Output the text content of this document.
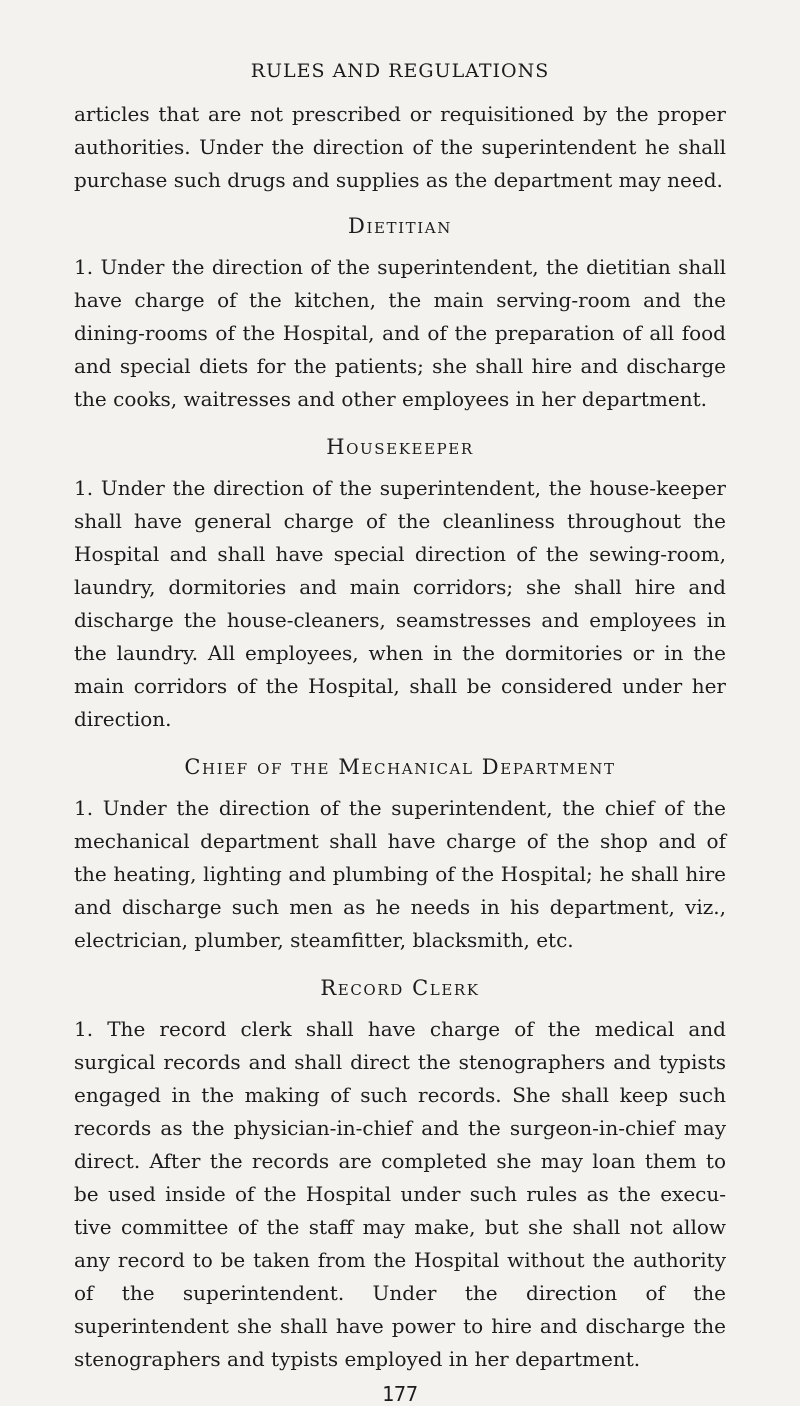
RULES AND REGULATIONS

articles that are not prescribed or requisitioned by the proper authorities. Under the direction of the superintendent he shall purchase such drugs and supplies as the department may need.

Dietitian

1. Under the direction of the superintendent, the dietitian shall have charge of the kitchen, the main serving-room and the dining-rooms of the Hospital, and of the preparation of all food and special diets for the patients; she shall hire and discharge the cooks, waitresses and other employees in her department.

Housekeeper

1. Under the direction of the superintendent, the house-keeper shall have general charge of the cleanliness throughout the Hospital and shall have special direction of the sewing-room, laundry, dormitories and main corridors; she shall hire and discharge the house-cleaners, seamstresses and employees in the laundry. All employees, when in the dormitories or in the main corridors of the Hospital, shall be considered under her direction.

Chief of the Mechanical Department

1. Under the direction of the superintendent, the chief of the mechanical department shall have charge of the shop and of the heating, lighting and plumbing of the Hospital; he shall hire and discharge such men as he needs in his department, viz., electrician, plumber, steamfitter, blacksmith, etc.

Record Clerk

1. The record clerk shall have charge of the medical and surgical records and shall direct the stenographers and typists engaged in the making of such records. She shall keep such records as the physician-in-chief and the surgeon-in-chief may direct. After the records are completed she may loan them to be used inside of the Hospital under such rules as the execu-tive committee of the staff may make, but she shall not allow any record to be taken from the Hospital without the authority of the superintendent. Under the direction of the superintendent she shall have power to hire and discharge the stenographers and typists employed in her department.

177
